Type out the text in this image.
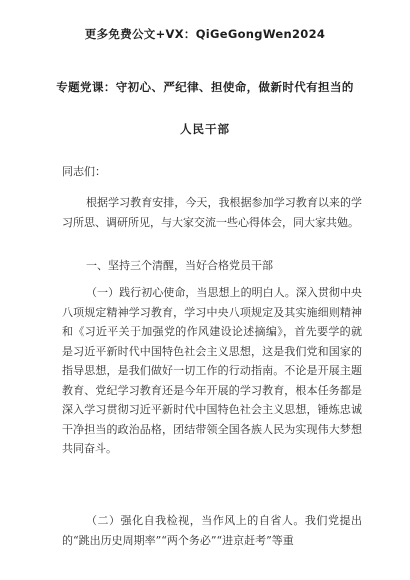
更多免费公文+VX：QiGeGongWen2024
专题党课：守初心、严纪律、担使命，做新时代有担当的
人民干部
同志们：
根据学习教育安排，今天，我根据参加学习教育以来的学习所思、调研所见，与大家交流一些心得体会，同大家共勉。
一、坚持三个清醒，当好合格党员干部
（一）践行初心使命，当思想上的明白人。深入贯彻中央八项规定精神学习教育，学习中央八项规定及其实施细则精神和《习近平关于加强党的作风建设论述摘编》，首先要学的就是习近平新时代中国特色社会主义思想，这是我们党和国家的指导思想，是我们做好一切工作的行动指南。不论是开展主题教育、党纪学习教育还是今年开展的学习教育，根本任务都是深入学习贯彻习近平新时代中国特色社会主义思想，锤炼忠诚干净担当的政治品格，团结带领全国各族人民为实现伟大梦想共同奋斗。
（二）强化自我检视，当作风上的自省人。我们党提出的“跳出历史周期率”“两个务必”“进京赶考”等重
